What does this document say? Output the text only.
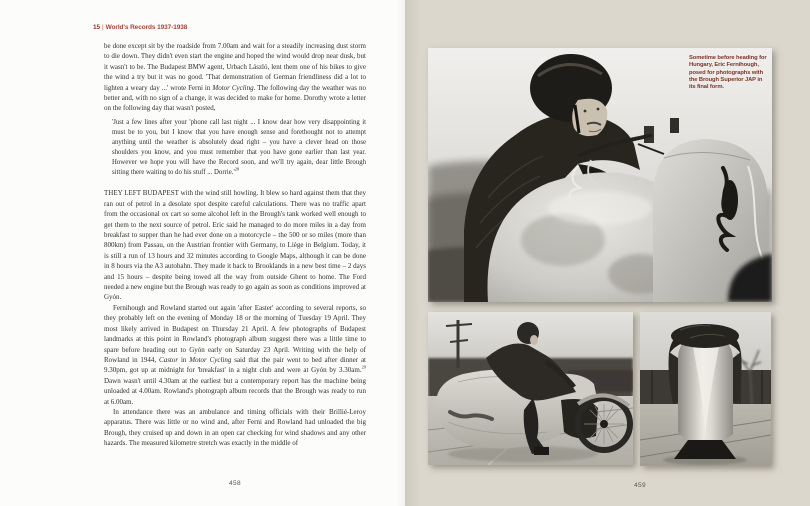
15 | World's Records 1937-1938

be done except sit by the roadside from 7.00am and wait for a steadily increasing dust storm to die down. They didn't even start the engine and hoped the wind would drop near dusk, but it wasn't to be. The Budapest BMW agent, Urbach László, lent them one of his bikes to give the wind a try but it was no good. 'That demonstration of German friendliness did a lot to lighten a weary day ...' wrote Ferni in Motor Cycling. The following day the weather was no better and, with no sign of a change, it was decided to make for home. Dorothy wrote a letter on the following day that wasn't posted,

'Just a few lines after your 'phone call last night ... I know dear how very disappointing it must be to you, but I know that you have enough sense and forethought not to attempt anything until the weather is absolutely dead right – you have a clever head on those shoulders you know, and you must remember that you have gone earlier than last year. However we hope you will have the Record soon, and we'll try again, dear little Brough sitting there waiting to do his stuff ... $Dorrie.'^{28}$

THEY LEFT BUDAPEST with the wind still howling. It blew so hard against them that they ran out of petrol in a desolate spot despite careful calculations. There was no traffic apart from the occasional ox cart so some alcohol left in the Brough's tank worked well enough to get them to the next source of petrol. Eric said he managed to do more miles in a day from breakfast to supper than he had ever done on a motorcycle – the 500 or so miles (more than 800km) from Passau, on the Austrian frontier with Germany, to Liège in Belgium. Today, it is still a run of 13 hours and 32 minutes according to Google Maps, although it can be done in 8 hours via the A3 autobahn. They made it back to Brooklands in a new best time – 2 days and 15 hours – despite being towed all the way from outside Ghent to home. The Ford needed a new engine but the Brough was ready to go again as soon as conditions improved at Gyón.

Fernihough and Rowland started out again 'after Easter' according to several reports, so they probably left on the evening of Monday 18 or the morning of Tuesday 19 April. They most likely arrived in Budapest on Thursday 21 April. A few photographs of Budapest landmarks at this point in Rowland's photograph album suggest there was a little time to spare before heading out to Gyón early on Saturday 23 April. Writing with the help of Rowland in 1944, Castor in Motor Cycling said that the pair went to bed after dinner at 9.30pm, got up at midnight for 'breakfast' in a night club and were at Gyón by 3.30am.$^{29}$ Dawn wasn't until 4.30am at the earliest but a contemporary report has the machine being unloaded at 4.00am. Rowland's photograph album records that the Brough was ready to run at 6.00am.

In attendance there was an ambulance and timing officials with their Brillié-Leroy apparatus. There was little or no wind and, after Ferni and Rowland had unloaded the big Brough, they cruised up and down in an open car checking for wind shadows and any other hazards. The measured kilometre stretch was exactly in the middle of

458
Sometime before heading for Hungary, Eric Fernihough, posed for photographs with the Brough Superior JAP in its final form.
459
